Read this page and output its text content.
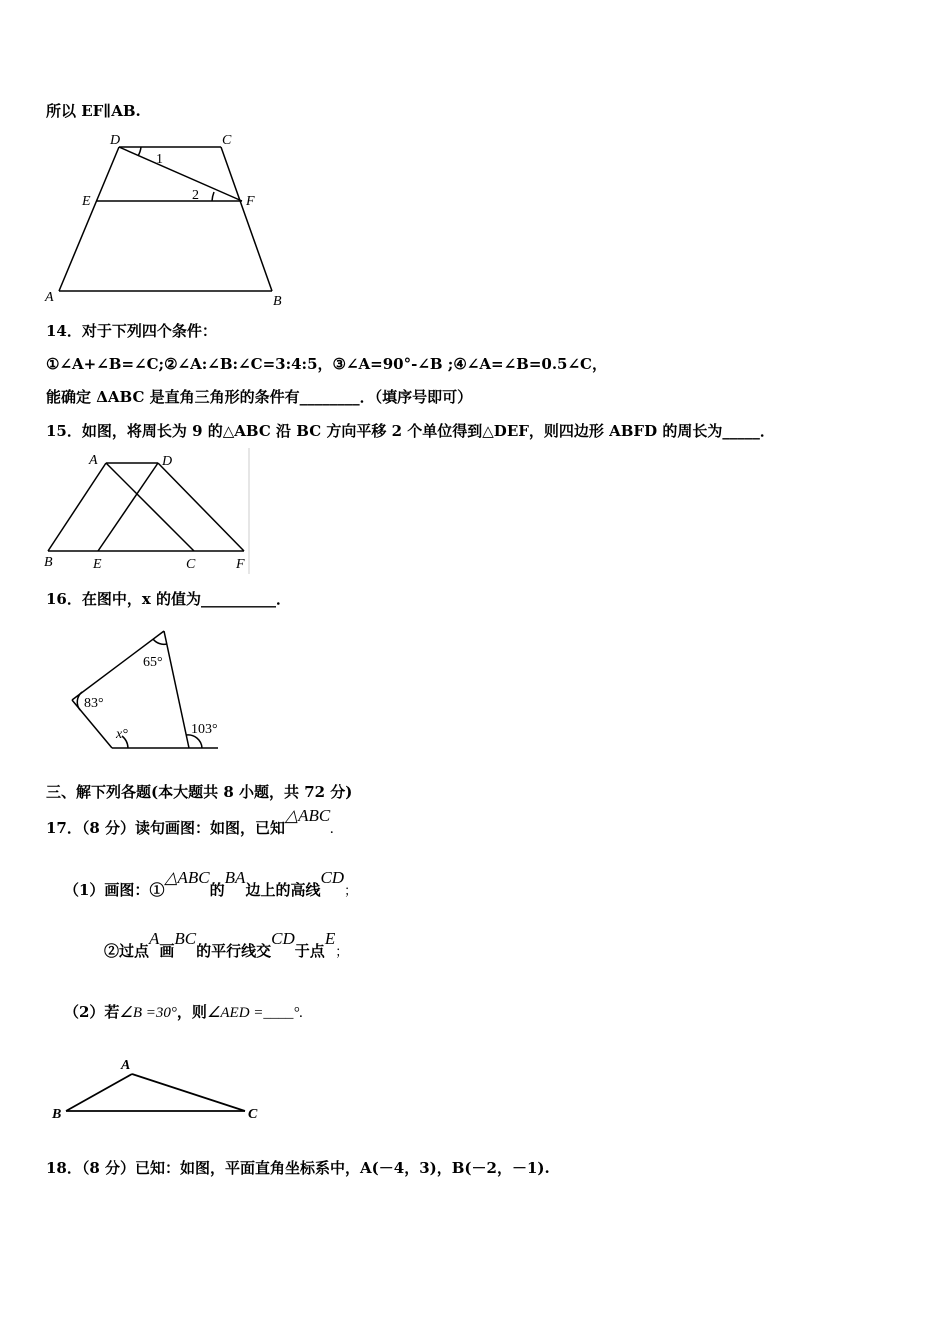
所以 EF∥AB.
D	C
E	F
A	B
1
2
14．对于下列四个条件：
①∠A+∠B=∠C;②∠A:∠B:∠C=3:4:5，③∠A=90°-∠B ;④∠A=∠B=0.5∠C，
能确定 ΔABC 是直角三角形的条件有________．（填序号即可）
15．如图，将周长为 9 的△ABC 沿 BC 方向平移 2 个单位得到△DEF，则四边形 ABFD 的周长为_____．
A	D
B	E	C	F
16．在图中，x 的值为__________．
65°
83°
x°	103°
三、解下列各题(本大题共 8 小题，共 72 分)
17．（8 分）读句画图：如图，已知△ABC.
（1）画图：①△ABC的BA边上的高线CD；
②过点A画BC的平行线交CD于点E；
（2）若∠B =30°，则∠AED =____°.
A
B	C
18．（8 分）已知：如图，平面直角坐标系中，A(－4，3)，B(－2，－1).
